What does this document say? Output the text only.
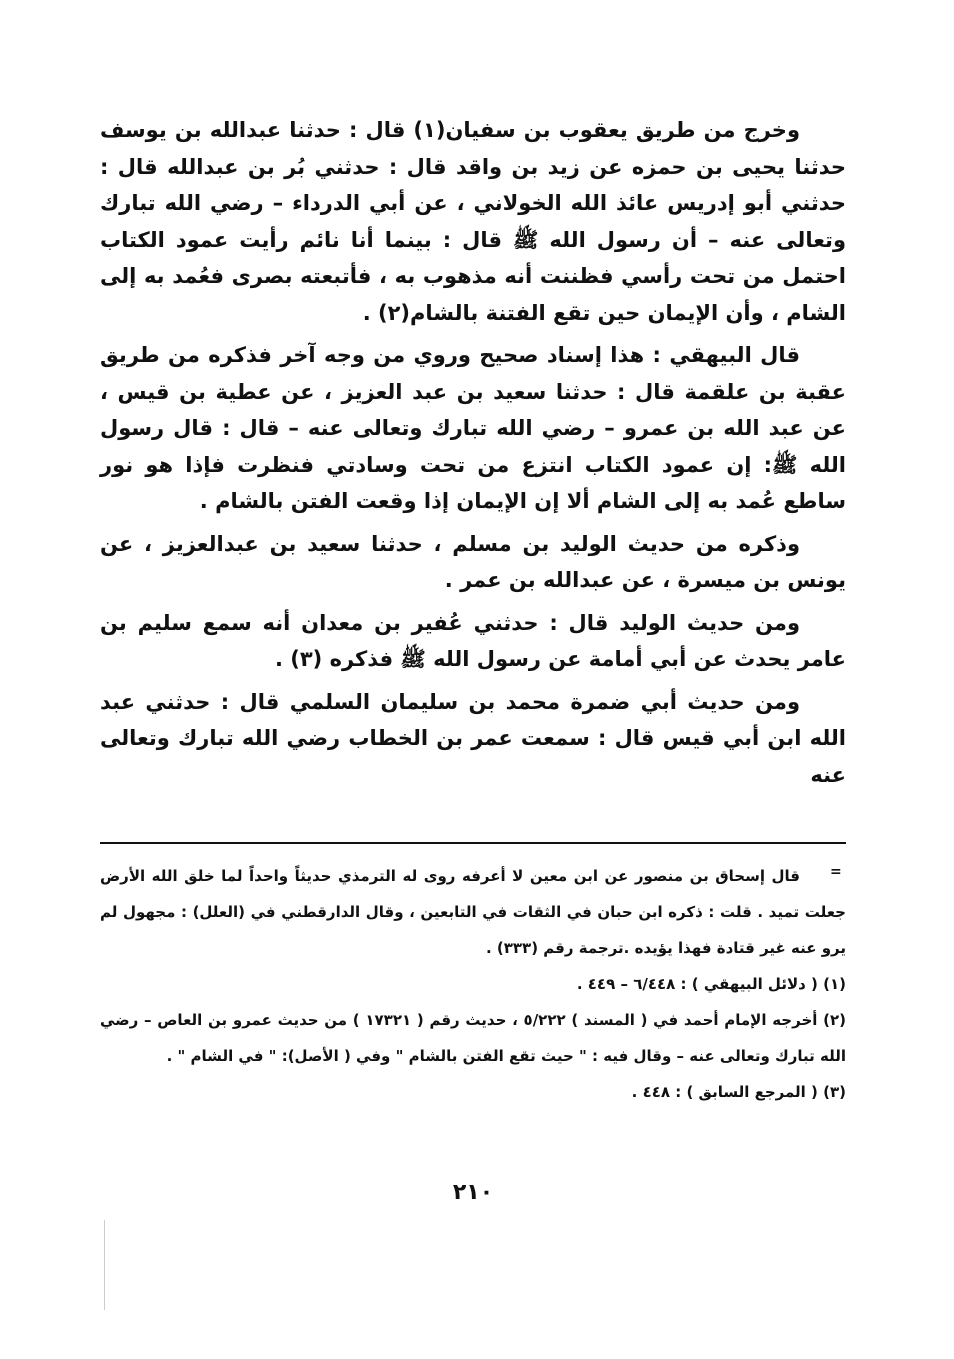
وخرج من طريق يعقوب بن سفيان(١) قال : حدثنا عبدالله بن يوسف حدثنا يحيى بن حمزه عن زيد بن واقد قال : حدثني بُر بن عبدالله قال : حدثني أبو إدريس عائذ الله الخولاني ، عن أبي الدرداء – رضي الله تبارك وتعالى عنه – أن رسول الله ﷺ قال : بينما أنا نائم رأيت عمود الكتاب احتمل من تحت رأسي فظننت أنه مذهوب به ، فأتبعته بصرى فعُمد به إلى الشام ، وأن الإيمان حين تقع الفتنة بالشام(٢) .

قال البيهقي : هذا إسناد صحيح وروي من وجه آخر فذكره من طريق عقبة بن علقمة قال : حدثنا سعيد بن عبد العزيز ، عن عطية بن قيس ، عن عبد الله بن عمرو – رضي الله تبارك وتعالى عنه – قال : قال رسول الله ﷺ: إن عمود الكتاب انتزع من تحت وسادتي فنظرت فإذا هو نور ساطع عُمد به إلى الشام ألا إن الإيمان إذا وقعت الفتن بالشام .

وذكره من حديث الوليد بن مسلم ، حدثنا سعيد بن عبدالعزيز ، عن يونس بن ميسرة ، عن عبدالله بن عمر .

ومن حديث الوليد قال : حدثني عُفير بن معدان أنه سمع سليم بن عامر يحدث عن أبي أمامة عن رسول الله ﷺ فذكره (٣) .

ومن حديث أبي ضمرة محمد بن سليمان السلمي قال : حدثني عبد الله ابن أبي قيس قال : سمعت عمر بن الخطاب رضي الله تبارك وتعالى عنه

=

قال إسحاق بن منصور عن ابن معين لا أعرفه روى له الترمذي حديثاً واحداً لما خلق الله الأرض جعلت تميد . قلت : ذكره ابن حبان في الثقات في التابعين ، وقال الدارقطني في (العلل) : مجهول لم يرو عنه غير قتادة فهذا يؤيده .ترجمة رقم (٣٣٣) .

(١) ( دلائل البيهقي ) : ٦/٤٤٨ – ٤٤٩ .

(٢) أخرجه الإمام أحمد في ( المسند ) ٥/٢٢٢ ، حديث رقم ( ١٧٣٢١ ) من حديث عمرو بن العاص – رضي الله تبارك وتعالى عنه – وقال فيه : " حيث تقع الفتن بالشام " وفي ( الأصل): " في الشام " .

(٣) ( المرجع السابق ) : ٤٤٨ .

٢١٠
